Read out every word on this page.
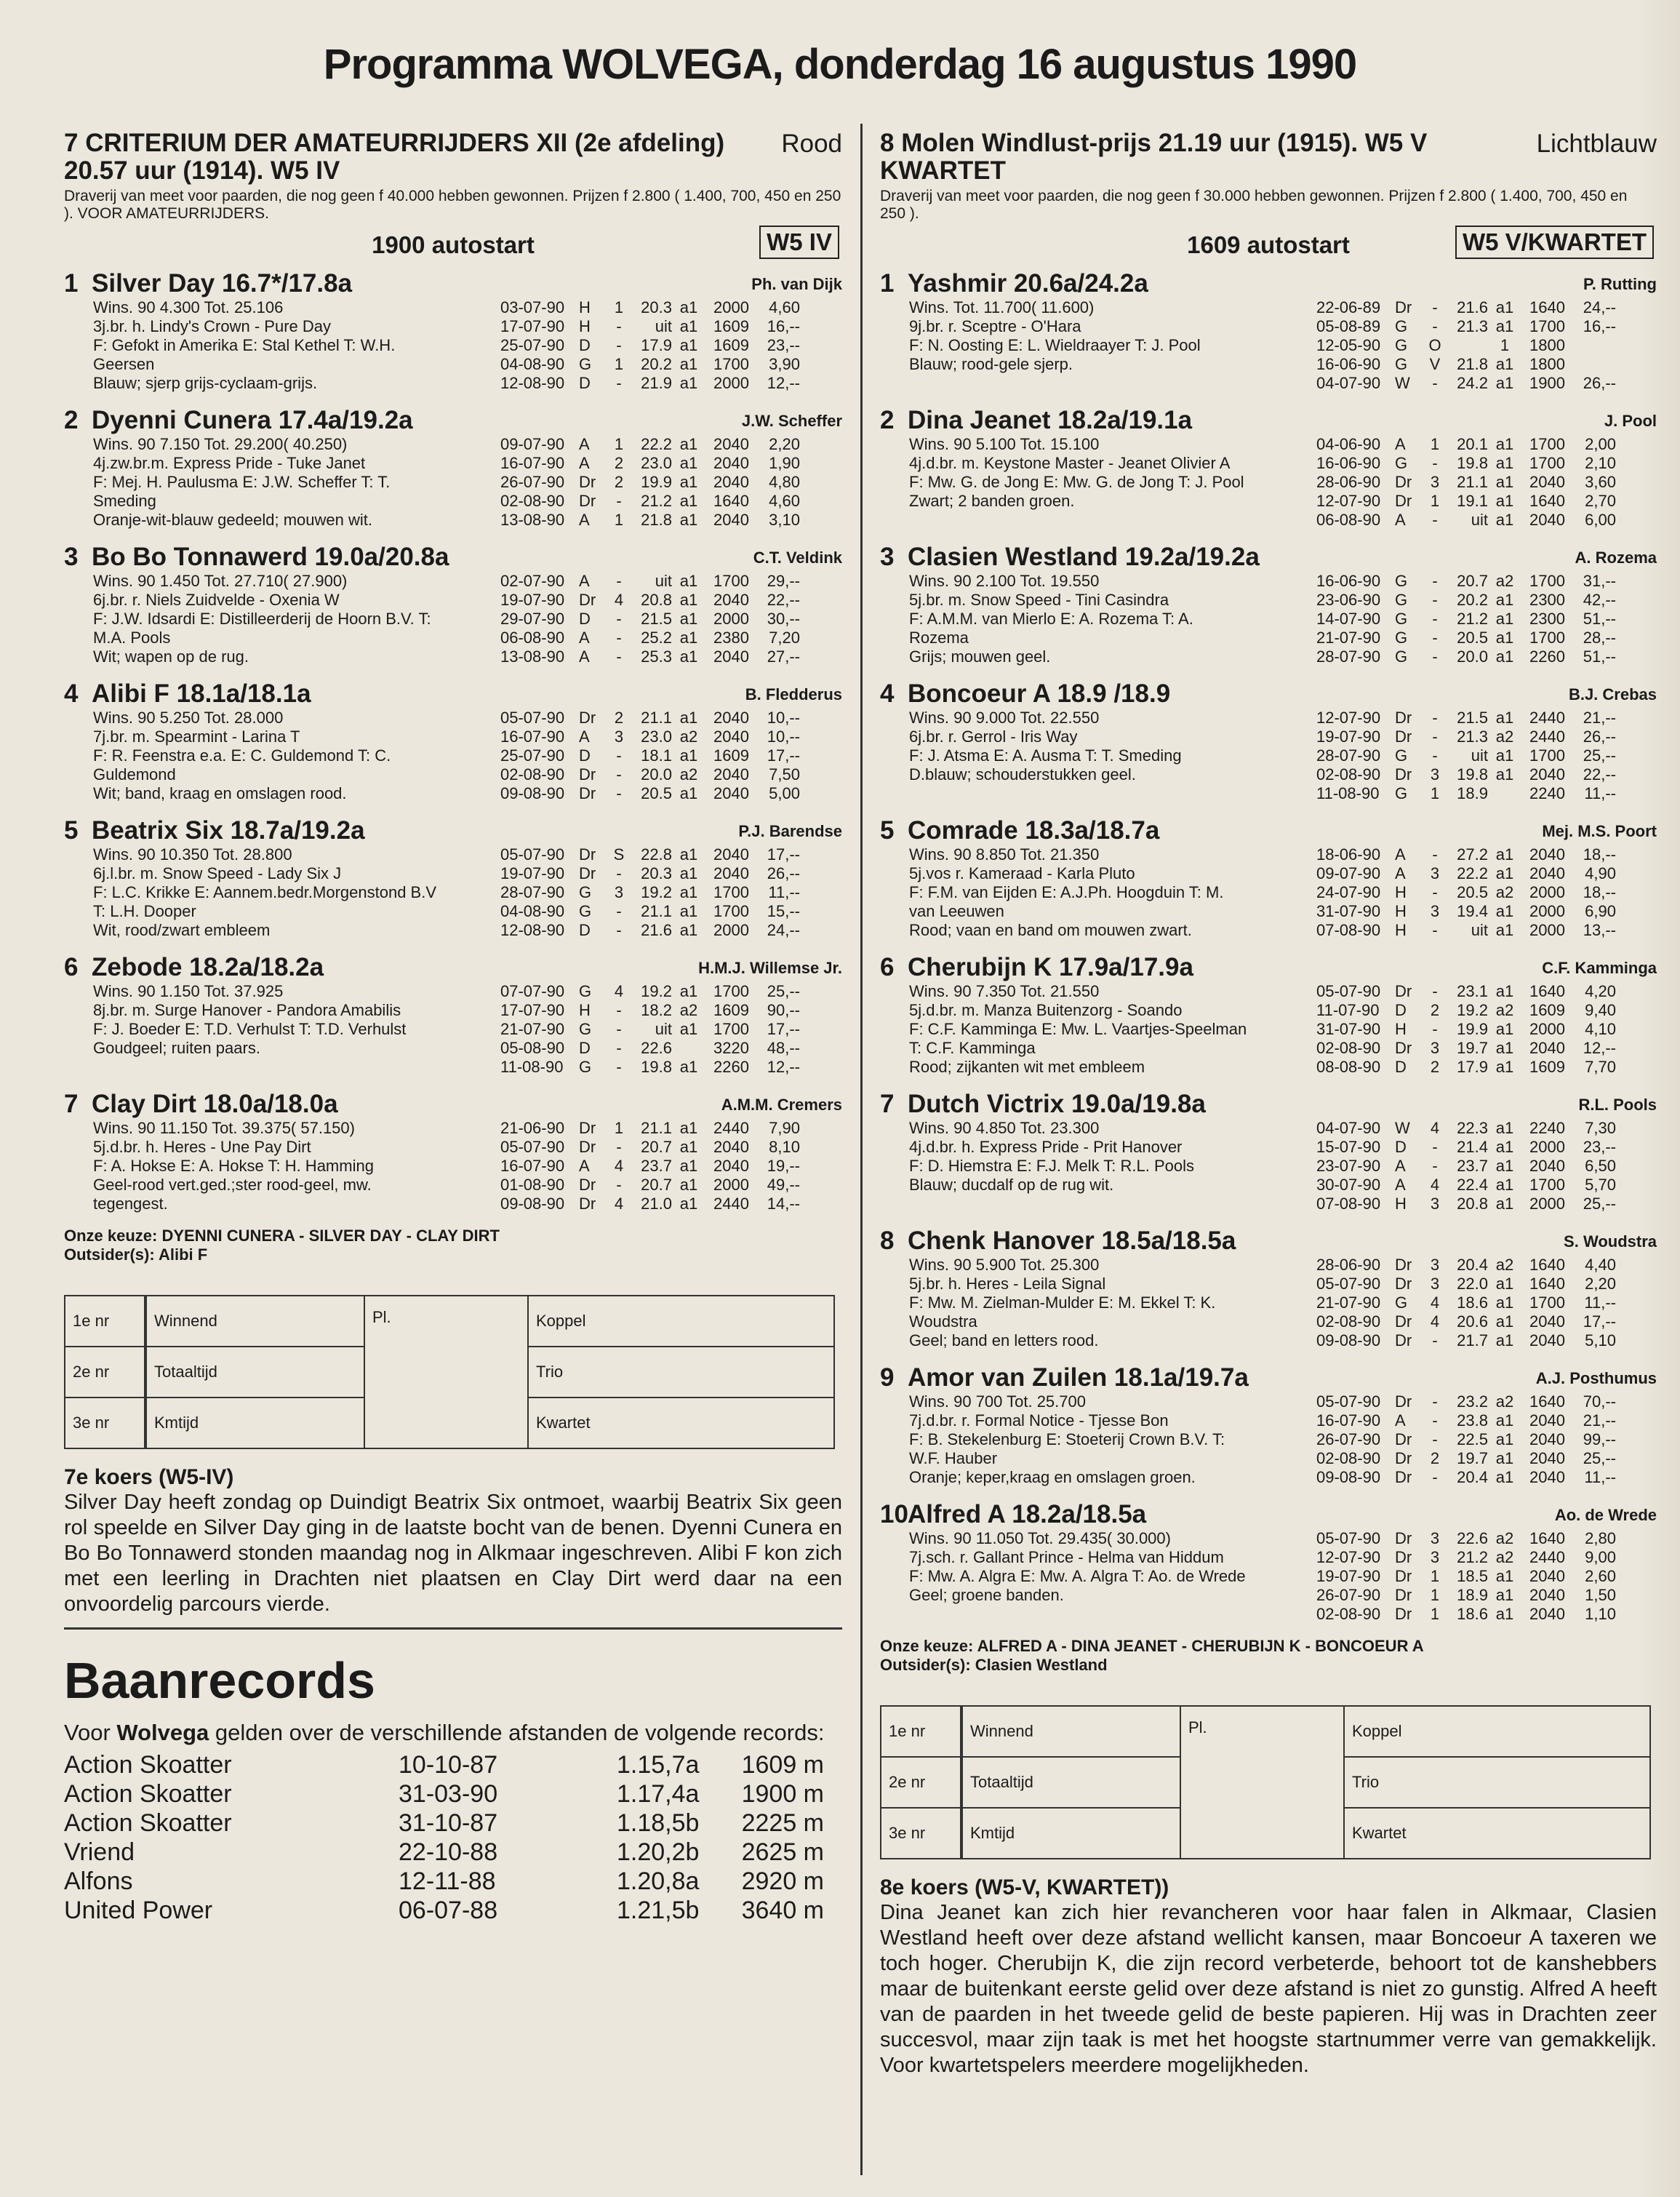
Programma WOLVEGA, donderdag 16 augustus 1990
7 CRITERIUM DER AMATEURRIJDERS XII (2e afdeling) 20.57 uur (1914). W5 IV
Rood
Draverij van meet voor paarden, die nog geen f 40.000 hebben gewonnen. Prijzen f 2.800 ( 1.400, 700, 450 en 250 ). VOOR AMATEURRIJDERS.
1900 autostart	W5 IV
1 Silver Day 16.7*/17.8a	Ph. van Dijk
Wins. 90 4.300 Tot. 25.106
3j.br. h. Lindy's Crown - Pure Day
F: Gefokt in Amerika E: Stal Kethel T: W.H.
Geersen
Blauw; sjerp grijs-cyclaam-grijs.
03-07-90 H	1	20.3 a1 2000	4,60
17-07-90 H	-	uit a1 1609	16,--
25-07-90 D	-	17.9 a1 1609	23,--
04-08-90 G	1	20.2 a1 1700	3,90
12-08-90 D	-	21.9 a1 2000	12,--
2 Dyenni Cunera 17.4a/19.2a	J.W. Scheffer
Wins. 90 7.150 Tot. 29.200( 40.250)
4j.zw.br.m. Express Pride - Tuke Janet
F: Mej. H. Paulusma E: J.W. Scheffer T: T.
Smeding
Oranje-wit-blauw gedeeld; mouwen wit.
09-07-90 A	1	22.2 a1 2040	2,20
16-07-90 A	2	23.0 a1 2040	1,90
26-07-90 Dr	2	19.9 a1 2040	4,80
02-08-90 Dr	-	21.2 a1 1640	4,60
13-08-90 A	1	21.8 a1 2040	3,10
3 Bo Bo Tonnawerd 19.0a/20.8a	C.T. Veldink
Wins. 90 1.450 Tot. 27.710( 27.900)
6j.br. r. Niels Zuidvelde - Oxenia W
F: J.W. Idsardi E: Distilleerderij de Hoorn B.V. T:
M.A. Pools
Wit; wapen op de rug.
02-07-90 A	-	uit a1 1700	29,--
19-07-90 Dr	4	20.8 a1 2040	22,--
29-07-90 D	-	21.5 a1 2000	30,--
06-08-90 A	-	25.2 a1 2380	7,20
13-08-90 A	-	25.3 a1 2040	27,--
4 Alibi F 18.1a/18.1a	B. Fledderus
Wins. 90 5.250 Tot. 28.000
7j.br. m. Spearmint - Larina T
F: R. Feenstra e.a. E: C. Guldemond T: C.
Guldemond
Wit; band, kraag en omslagen rood.
05-07-90 Dr	2	21.1 a1 2040	10,--
16-07-90 A	3	23.0 a2 2040	10,--
25-07-90 D	-	18.1 a1 1609	17,--
02-08-90 Dr	-	20.0 a2 2040	7,50
09-08-90 Dr	-	20.5 a1 2040	5,00
5 Beatrix Six 18.7a/19.2a	P.J. Barendse
Wins. 90 10.350 Tot. 28.800
6j.l.br. m. Snow Speed - Lady Six J
F: L.C. Krikke E: Aannem.bedr.Morgenstond B.V
T: L.H. Dooper
Wit, rood/zwart embleem
05-07-90 Dr	S	22.8 a1 2040	17,--
19-07-90 Dr	-	20.3 a1 2040	26,--
28-07-90 G	3	19.2 a1 1700	11,--
04-08-90 G	-	21.1 a1 1700	15,--
12-08-90 D	-	21.6 a1 2000	24,--
6 Zebode 18.2a/18.2a	H.M.J. Willemse Jr.
Wins. 90 1.150 Tot. 37.925
8j.br. m. Surge Hanover - Pandora Amabilis
F: J. Boeder E: T.D. Verhulst T: T.D. Verhulst
Goudgeel; ruiten paars.
07-07-90 G	4	19.2 a1 1700	25,--
17-07-90 H	-	18.2 a2 1609	90,--
21-07-90 G	-	uit a1 1700	17,--
05-08-90 D	-	22.6	3220	48,--
11-08-90 G	-	19.8 a1 2260	12,--
7 Clay Dirt 18.0a/18.0a	A.M.M. Cremers
Wins. 90 11.150 Tot. 39.375( 57.150)
5j.d.br. h. Heres - Une Pay Dirt
F: A. Hokse E: A. Hokse T: H. Hamming
Geel-rood vert.ged.;ster rood-geel, mw.
tegengest.
21-06-90 Dr	1	21.1 a1 2440	7,90
05-07-90 Dr	-	20.7 a1 2040	8,10
16-07-90 A	4	23.7 a1 2040	19,--
01-08-90 Dr	-	20.7 a1 2000	49,--
09-08-90 Dr	4	21.0 a1 2440	14,--
Onze keuze: DYENNI CUNERA - SILVER DAY - CLAY DIRT
Outsider(s): Alibi F
1e nr		Winnend	Pl.	Koppel
2e nr		Totaaltijd		Trio
3e nr		Kmtijd		Kwartet
7e koers (W5-IV)
Silver Day heeft zondag op Duindigt Beatrix Six ontmoet, waarbij Beatrix Six geen rol speelde en Silver Day ging in de laatste bocht van de benen. Dyenni Cunera en Bo Bo Tonnawerd stonden maandag nog in Alkmaar ingeschreven. Alibi F kon zich met een leerling in Drachten niet plaatsen en Clay Dirt werd daar na een onvoordelig parcours vierde.
Baanrecords
Voor Wolvega gelden over de verschillende afstanden de volgende records:
Action Skoatter	10-10-87	1.15,7a	1609 m
Action Skoatter	31-03-90	1.17,4a	1900 m
Action Skoatter	31-10-87	1.18,5b	2225 m
Vriend	22-10-88	1.20,2b	2625 m
Alfons	12-11-88	1.20,8a	2920 m
United Power	06-07-88	1.21,5b	3640 m
8 Molen Windlust-prijs 21.19 uur (1915). W5 V KWARTET
Lichtblauw
Draverij van meet voor paarden, die nog geen f 30.000 hebben gewonnen. Prijzen f 2.800 ( 1.400, 700, 450 en 250 ).
1609 autostart	W5 V/KWARTET
1 Yashmir 20.6a/24.2a	P. Rutting
Wins. Tot. 11.700( 11.600)
9j.br. r. Sceptre - O'Hara
F: N. Oosting E: L. Wieldraayer T: J. Pool
Blauw; rood-gele sjerp.
22-06-89 Dr	-	21.6 a1 1640	24,--
05-08-89 G	-	21.3 a1 1700	16,--
12-05-90 G	O	1	1800
16-06-90 G	V	21.8 a1 1800
04-07-90 W	-	24.2 a1 1900	26,--
2 Dina Jeanet 18.2a/19.1a	J. Pool
Wins. 90 5.100 Tot. 15.100
4j.d.br. m. Keystone Master - Jeanet Olivier A
F: Mw. G. de Jong E: Mw. G. de Jong T: J. Pool
Zwart; 2 banden groen.
04-06-90 A	1	20.1 a1 1700	2,00
16-06-90 G	-	19.8 a1 1700	2,10
28-06-90 Dr	3	21.1 a1 2040	3,60
12-07-90 Dr	1	19.1 a1 1640	2,70
06-08-90 A	-	uit a1 2040	6,00
3 Clasien Westland 19.2a/19.2a	A. Rozema
Wins. 90 2.100 Tot. 19.550
5j.br. m. Snow Speed - Tini Casindra
F: A.M.M. van Mierlo E: A. Rozema T: A.
Rozema
Grijs; mouwen geel.
16-06-90 G	-	20.7 a2 1700	31,--
23-06-90 G	-	20.2 a1 2300	42,--
14-07-90 G	-	21.2 a1 2300	51,--
21-07-90 G	-	20.5 a1 1700	28,--
28-07-90 G	-	20.0 a1 2260	51,--
4 Boncoeur A 18.9 /18.9	B.J. Crebas
Wins. 90 9.000 Tot. 22.550
6j.br. r. Gerrol - Iris Way
F: J. Atsma E: A. Ausma T: T. Smeding
D.blauw; schouderstukken geel.
12-07-90 Dr	-	21.5 a1 2440	21,--
19-07-90 Dr	-	21.3 a2 2440	26,--
28-07-90 G	-	uit a1 1700	25,--
02-08-90 Dr	3	19.8 a1 2040	22,--
11-08-90 G	1	18.9	2240	11,--
5 Comrade 18.3a/18.7a	Mej. M.S. Poort
Wins. 90 8.850 Tot. 21.350
5j.vos r. Kameraad - Karla Pluto
F: F.M. van Eijden E: A.J.Ph. Hoogduin T: M.
van Leeuwen
Rood; vaan en band om mouwen zwart.
18-06-90 A	-	27.2 a1 2040	18,--
09-07-90 A	3	22.2 a1 2040	4,90
24-07-90 H	-	20.5 a2 2000	18,--
31-07-90 H	3	19.4 a1 2000	6,90
07-08-90 H	-	uit a1 2000	13,--
6 Cherubijn K 17.9a/17.9a	C.F. Kamminga
Wins. 90 7.350 Tot. 21.550
5j.d.br. m. Manza Buitenzorg - Soando
F: C.F. Kamminga E: Mw. L. Vaartjes-Speelman
T: C.F. Kamminga
Rood; zijkanten wit met embleem
05-07-90 Dr	-	23.1 a1 1640	4,20
11-07-90 D	2	19.2 a2 1609	9,40
31-07-90 H	-	19.9 a1 2000	4,10
02-08-90 Dr	3	19.7 a1 2040	12,--
08-08-90 D	2	17.9 a1 1609	7,70
7 Dutch Victrix 19.0a/19.8a	R.L. Pools
Wins. 90 4.850 Tot. 23.300
4j.d.br. h. Express Pride - Prit Hanover
F: D. Hiemstra E: F.J. Melk T: R.L. Pools
Blauw; ducdalf op de rug wit.
04-07-90 W	4	22.3 a1 2240	7,30
15-07-90 D	-	21.4 a1 2000	23,--
23-07-90 A	-	23.7 a1 2040	6,50
30-07-90 A	4	22.4 a1 1700	5,70
07-08-90 H	3	20.8 a1 2000	25,--
8 Chenk Hanover 18.5a/18.5a	S. Woudstra
Wins. 90 5.900 Tot. 25.300
5j.br. h. Heres - Leila Signal
F: Mw. M. Zielman-Mulder E: M. Ekkel T: K.
Woudstra
Geel; band en letters rood.
28-06-90 Dr	3	20.4 a2 1640	4,40
05-07-90 Dr	3	22.0 a1 1640	2,20
21-07-90 G	4	18.6 a1 1700	11,--
02-08-90 Dr	4	20.6 a1 2040	17,--
09-08-90 Dr	-	21.7 a1 2040	5,10
9 Amor van Zuilen 18.1a/19.7a	A.J. Posthumus
Wins. 90 700 Tot. 25.700
7j.d.br. r. Formal Notice - Tjesse Bon
F: B. Stekelenburg E: Stoeterij Crown B.V. T:
W.F. Hauber
Oranje; keper,kraag en omslagen groen.
05-07-90 Dr	-	23.2 a2 1640	70,--
16-07-90 A	-	23.8 a1 2040	21,--
26-07-90 Dr	-	22.5 a1 2040	99,--
02-08-90 Dr	2	19.7 a1 2040	25,--
09-08-90 Dr	-	20.4 a1 2040	11,--
10Alfred A 18.2a/18.5a	Ao. de Wrede
Wins. 90 11.050 Tot. 29.435( 30.000)
7j.sch. r. Gallant Prince - Helma van Hiddum
F: Mw. A. Algra E: Mw. A. Algra T: Ao. de Wrede
Geel; groene banden.
05-07-90 Dr	3	22.6 a2 1640	2,80
12-07-90 Dr	3	21.2 a2 2440	9,00
19-07-90 Dr	1	18.5 a1 2040	2,60
26-07-90 Dr	1	18.9 a1 2040	1,50
02-08-90 Dr	1	18.6 a1 2040	1,10
Onze keuze: ALFRED A - DINA JEANET - CHERUBIJN K - BONCOEUR A
Outsider(s): Clasien Westland
1e nr		Winnend	Pl.	Koppel
2e nr		Totaaltijd		Trio
3e nr		Kmtijd		Kwartet
8e koers (W5-V, KWARTET))
Dina Jeanet kan zich hier revancheren voor haar falen in Alkmaar, Clasien Westland heeft over deze afstand wellicht kansen, maar Boncoeur A taxeren we toch hoger. Cherubijn K, die zijn record verbeterde, behoort tot de kanshebbers maar de buitenkant eerste gelid over deze afstand is niet zo gunstig. Alfred A heeft van de paarden in het tweede gelid de beste papieren. Hij was in Drachten zeer succesvol, maar zijn taak is met het hoogste startnummer verre van gemakkelijk. Voor kwartetspelers meerdere mogelijkheden.
